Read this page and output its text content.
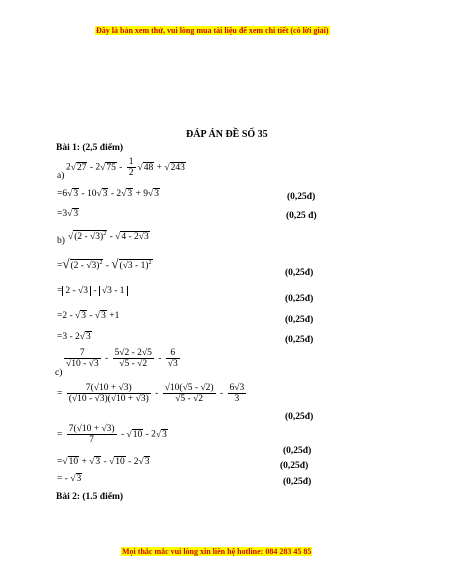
Đây là bản xem thử, vui lòng mua tài liệu để xem chi tiết (có lời giải)
ĐÁP ÁN ĐỀ SỐ 35
Bài 1: (2,5 điểm)
$2√27 - 2√75 - \frac{1}{2} √48 + √243$
a)
=6√3 - 10√3 - 2√3 + 9√3	(0,25đ)
=3√3	(0,25 đ)
b) √(2 - √3)$^2$ - √4 - 2√3
=√(2 - √3)$^2$ - √(√3 - 1)$^2$
(0,25đ)
= 2 - √3 - √3 - 1
(0,25đ)
=2 - √3 - √3 +1	(0,25đ)
=3 - 2√3	(0,25đ)
$\frac{7}{√10 - √3} - \frac{5√2 - 2√5}{√5 - √2} - \frac{6}{√3}$
c)
= $\frac{7(√10 + √3)}{(√10 - √3)(√10 + √3)} - \frac{√10(√5 - √2)}{√5 - √2} - \frac{6√3}{3}$
(0,25đ)
= $\frac{7(√10 + √3)}{7} - √10 - 2√3$
(0,25đ)
=√10 + √3 - √10 - 2√3	(0,25đ)
= - √3	(0,25đ)
Bài 2: (1.5 điểm)
Mọi thắc mắc vui lòng xin liên hệ hotline: 084 283 45 85
